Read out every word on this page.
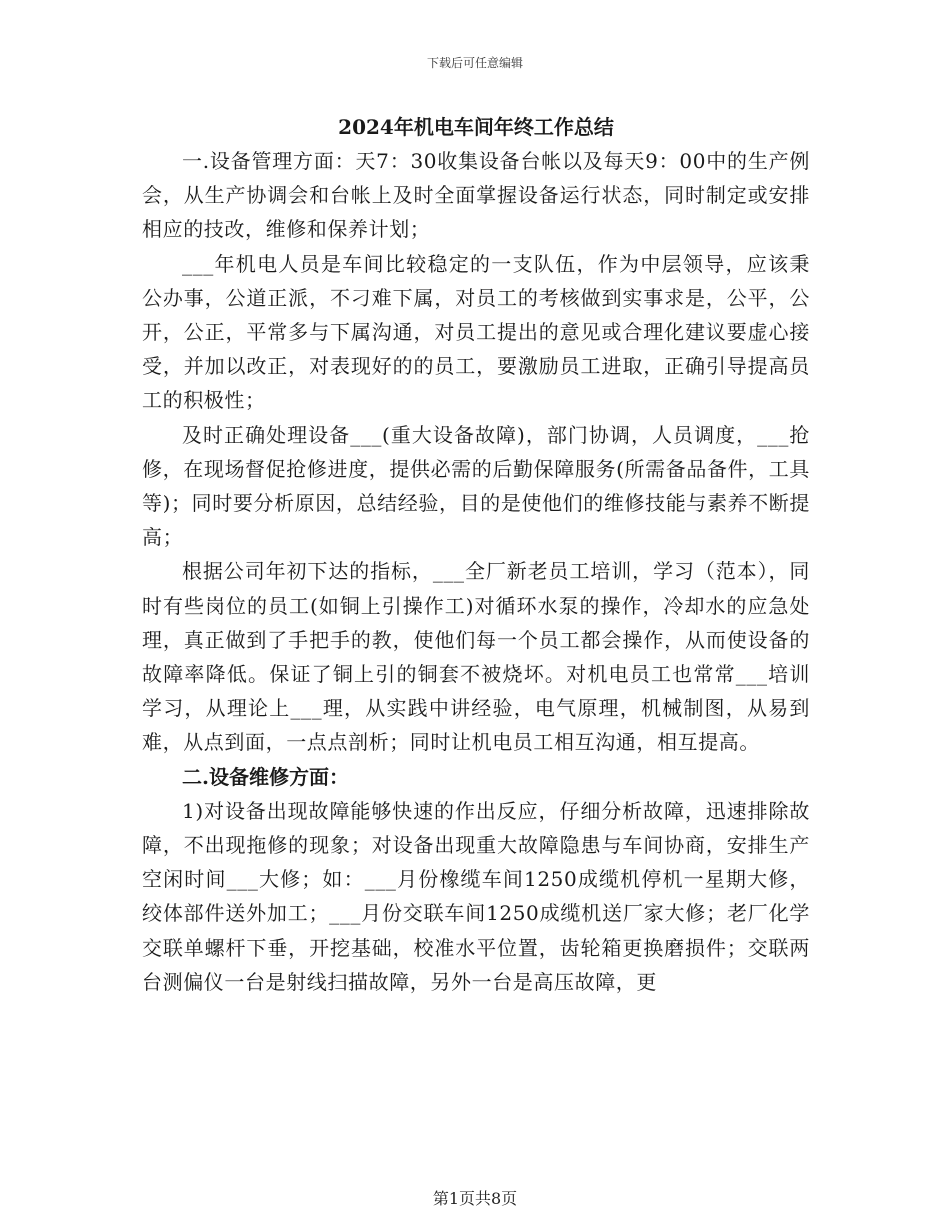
下载后可任意编辑
2024年机电车间年终工作总结

一.设备管理方面：天7：30收集设备台帐以及每天9：00中的生产例会，从生产协调会和台帐上及时全面掌握设备运行状态，同时制定或安排相应的技改，维修和保养计划；

___年机电人员是车间比较稳定的一支队伍，作为中层领导，应该秉公办事，公道正派，不刁难下属，对员工的考核做到实事求是，公平，公开，公正，平常多与下属沟通，对员工提出的意见或合理化建议要虚心接受，并加以改正，对表现好的的员工，要激励员工进取，正确引导提高员工的积极性；

及时正确处理设备___(重大设备故障)，部门协调，人员调度，___抢修，在现场督促抢修进度，提供必需的后勤保障服务(所需备品备件，工具等)；同时要分析原因，总结经验，目的是使他们的维修技能与素养不断提高；

根据公司年初下达的指标，___全厂新老员工培训，学习（范本），同时有些岗位的员工(如铜上引操作工)对循环水泵的操作，冷却水的应急处理，真正做到了手把手的教，使他们每一个员工都会操作，从而使设备的故障率降低。保证了铜上引的铜套不被烧坏。对机电员工也常常___培训学习，从理论上___理，从实践中讲经验，电气原理，机械制图，从易到难，从点到面，一点点剖析；同时让机电员工相互沟通，相互提高。

二.设备维修方面：

1)对设备出现故障能够快速的作出反应，仔细分析故障，迅速排除故障，不出现拖修的现象；对设备出现重大故障隐患与车间协商，安排生产空闲时间___大修；如：___月份橡缆车间1250成缆机停机一星期大修，绞体部件送外加工；___月份交联车间1250成缆机送厂家大修；老厂化学交联单螺杆下垂，开挖基础，校准水平位置，齿轮箱更换磨损件；交联两台测偏仪一台是射线扫描故障，另外一台是高压故障，更

第1页共8页
